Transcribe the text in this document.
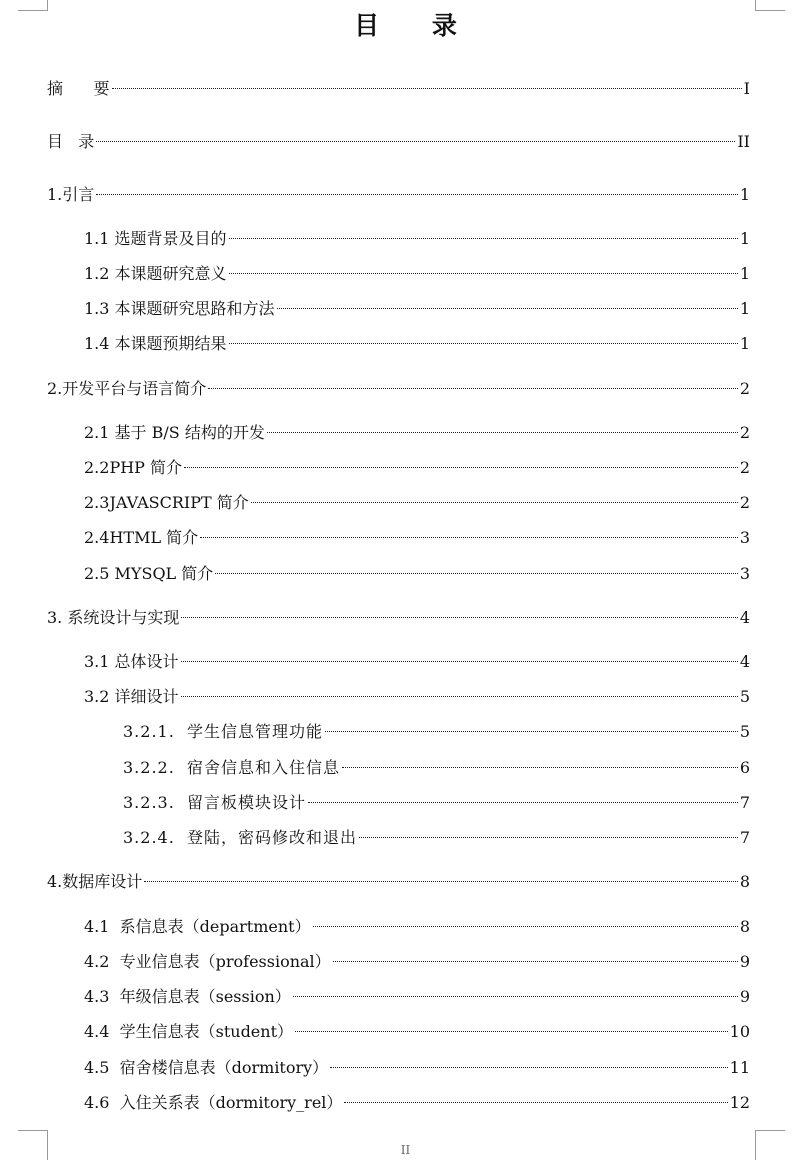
目 录
摘      要	I
目   录	II
1.引言	1
1.1 选题背景及目的	1
1.2 本课题研究意义	1
1.3 本课题研究思路和方法	1
1.4 本课题预期结果	1
2.开发平台与语言简介	2
2.1 基于 B/S 结构的开发	2
2.2PHP 简介	2
2.3JAVASCRIPT 简介	2
2.4HTML 简介	3
2.5 MYSQL 简介	3
3. 系统设计与实现	4
3.1 总体设计	4
3.2 详细设计	5
3.2.1.  学生信息管理功能	5
3.2.2.  宿舍信息和入住信息	6
3.2.3.  留言板模块设计	7
3.2.4.  登陆，密码修改和退出	7
4.数据库设计	8
4.1  系信息表（department）	8
4.2  专业信息表（professional）	9
4.3  年级信息表（session）	9
4.4  学生信息表（student）	10
4.5  宿舍楼信息表（dormitory）	11
4.6  入住关系表（dormitory_rel）	12
II
